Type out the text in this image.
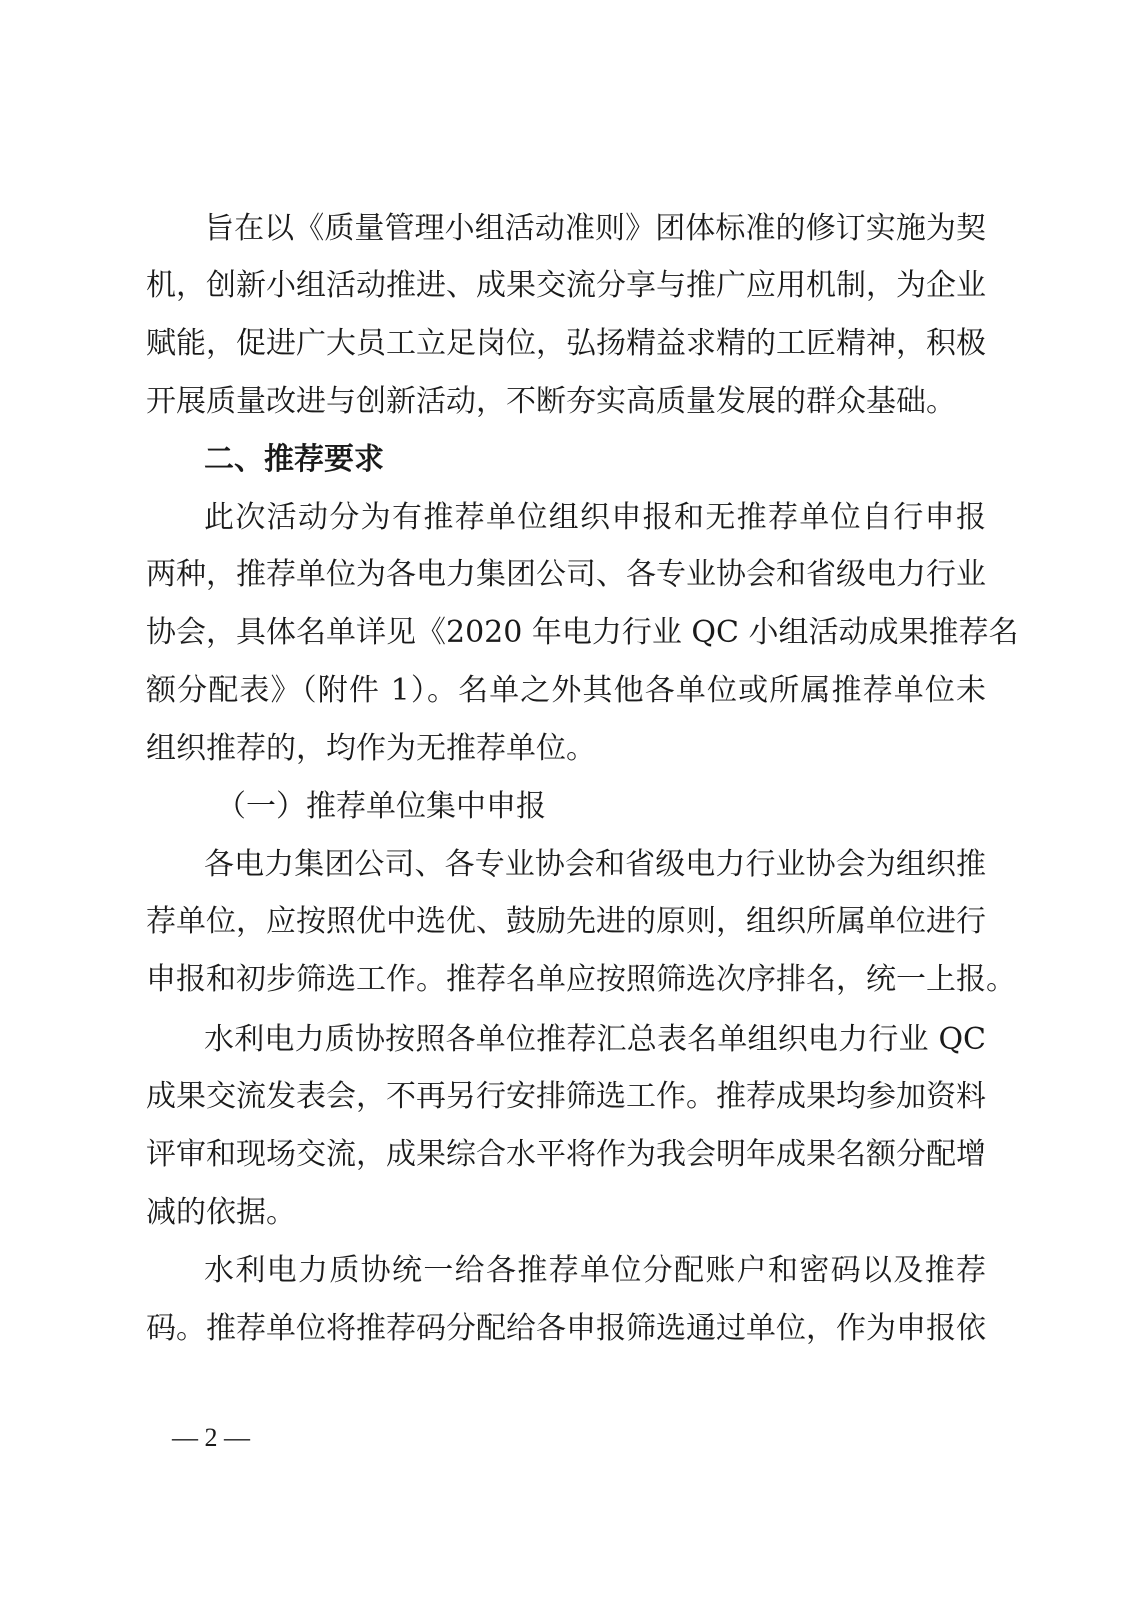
旨在以《质量管理小组活动准则》团体标准的修订实施为契
机，创新小组活动推进、成果交流分享与推广应用机制，为企业
赋能，促进广大员工立足岗位，弘扬精益求精的工匠精神，积极
开展质量改进与创新活动，不断夯实高质量发展的群众基础。
二、推荐要求
此次活动分为有推荐单位组织申报和无推荐单位自行申报
两种，推荐单位为各电力集团公司、各专业协会和省级电力行业
协会，具体名单详见《2020 年电力行业 QC 小组活动成果推荐名
额分配表》（附件 1）。名单之外其他各单位或所属推荐单位未
组织推荐的，均作为无推荐单位。
（一）推荐单位集中申报
各电力集团公司、各专业协会和省级电力行业协会为组织推
荐单位，应按照优中选优、鼓励先进的原则，组织所属单位进行
申报和初步筛选工作。推荐名单应按照筛选次序排名，统一上报。
水利电力质协按照各单位推荐汇总表名单组织电力行业 QC
成果交流发表会，不再另行安排筛选工作。推荐成果均参加资料
评审和现场交流，成果综合水平将作为我会明年成果名额分配增
减的依据。
水利电力质协统一给各推荐单位分配账户和密码以及推荐
码。推荐单位将推荐码分配给各申报筛选通过单位，作为申报依
— 2 —
